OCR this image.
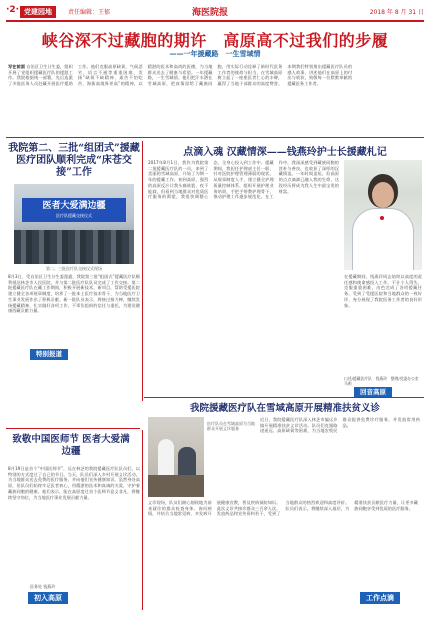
·2· 党建园地	责任编辑：王郁	海医院报	2018 年 8 月 31 日
峡谷深不过藏胞的期许　高原高不过我们的步履
——一年援藏路　一生雪域情
写在前面 自治区卫生计生委，组织开展了党组织援藏医疗队的援派工作。我院根据统一部署，先后选派了多批医务人员赴藏开展医疗援助工作。他们克服高原缺氧、气候恶劣、语言不通等重重困难，发扬“缺氧不缺精神、艰苦不怕吃苦、海拔高境界更高”的精神，以精湛的医术和高尚的医德，为当地群众送去了健康与希望。一年援藏路，一生雪域情。他们把汗水洒在雪域高原，把真情留给了藏族同胞，用实际行动诠释了新时代医务工作者的使命与担当，在雪域高原树立起了一座座医者仁心的丰碑，赢得了当地干部群众的高度赞誉。本期我们特别推出援藏医疗队员的感人故事，讲述他们在高原上的付出与收获，致敬每一位默默奉献的援藏医务工作者。
我院第二、三批“组团式”援藏医疗团队顺利完成“床苍交接”工作
医者大爱满边疆
医疗队援藏交接仪式
第二、三批医疗队交接仪式现场
8月3日，受自治区卫生计生委派遣，我院第三批“组团式”援藏医疗队顺利抵达林芝市人民医院，并与第二批医疗队队员完成了工作交接。第二批援藏医疗队在藏工作期间，积极开展新技术、新项目，帮助受援医院建立健全各项规章制度，培养了一批本土医疗技术骨干，为当地医疗卫生事业发展作出了积极贡献。新一批队员表示，将接过接力棒，继续发扬援藏精神，扎实做好各项工作，不辜负组织的信任与重托，为建设健康西藏贡献力量。
特别报道
点滴入魂 汉藏情深——钱燕玲护士长援藏札记
2017年8月1日，我作为我院第二批援藏医疗队的一员，来到了美丽的雪域高原，开始了为期一年的援藏工作。初到高原，强烈的高原反应让我头痛欲裂、夜不能寐，但看到当地群众对优质医疗服务的渴望，我很快调整心态，全身心投入到工作中。援藏期间，我担任护理部主任一职，针对医院护理管理薄弱的现状，从规章制度入手，建立健全护理质量控制体系，组织开展护理业务培训，手把手带教护理骨干，推动护理工作逐步规范化。在工作中，我深深感受到藏族同胞的淳朴与善良，也收获了深厚的汉藏情谊。一年时间虽短，但高原的点点滴滴已融入我的生命，这段经历将成为我人生中最宝贵的财富。
在援藏期间，钱燕玲同志始终以高度的责任感和使命感投入工作，不计个人得失，克服重重困难，出色完成了各项援藏任务，受到了受援医院和当地群众的一致好评，充分展现了我院医务工作者的良好形象。
口述/援藏医疗队　钱燕玲　整理/党委办公室　马明
回音高原
致敬中国医师节 医者大爱满边疆
8月19日是首个“中国医师节”，远在林芝的我院援藏医疗队队员们，以特别的方式度过了自己的节日。当天，队员们深入乡村开展义诊活动，为当地群众送去免费的医疗服务，并向他们宣传健康知识。虽然身处高原，但队员们始终牢记医者初心，用精湛的医术和真诚的关爱，守护着藏族同胞的健康。他们表示，能在高原度过首个医师节意义非凡，将继续坚守岗位，为当地医疗事业发展贡献力量。
医务处 钱燕玲
初入高原
我院援藏医疗队在雪域高原开展精准扶贫义诊
医疗队员在雪域高原为当地群众开展义诊服务
近日，我院援藏医疗队深入林芝市偏远乡镇开展精准扶贫义诊活动。队员们克服路途遥远、高原缺氧等困难，为当地农牧民群众提供免费诊疗服务，并发放常用药品。
义诊现场，队员们耐心细致地为前来就诊的群众检查身体、询问病情，并结合当地常见病、多发病开展健康宣教，普及疾病预防知识。此次义诊共接诊群众三百余人次，发放药品和宣传资料若干，受到了当地群众的热烈欢迎和高度评价。队员们表示，将继续深入基层，为精准扶贫贡献医疗力量，让更多藏族同胞享受到优质的医疗服务。
工作点滴
